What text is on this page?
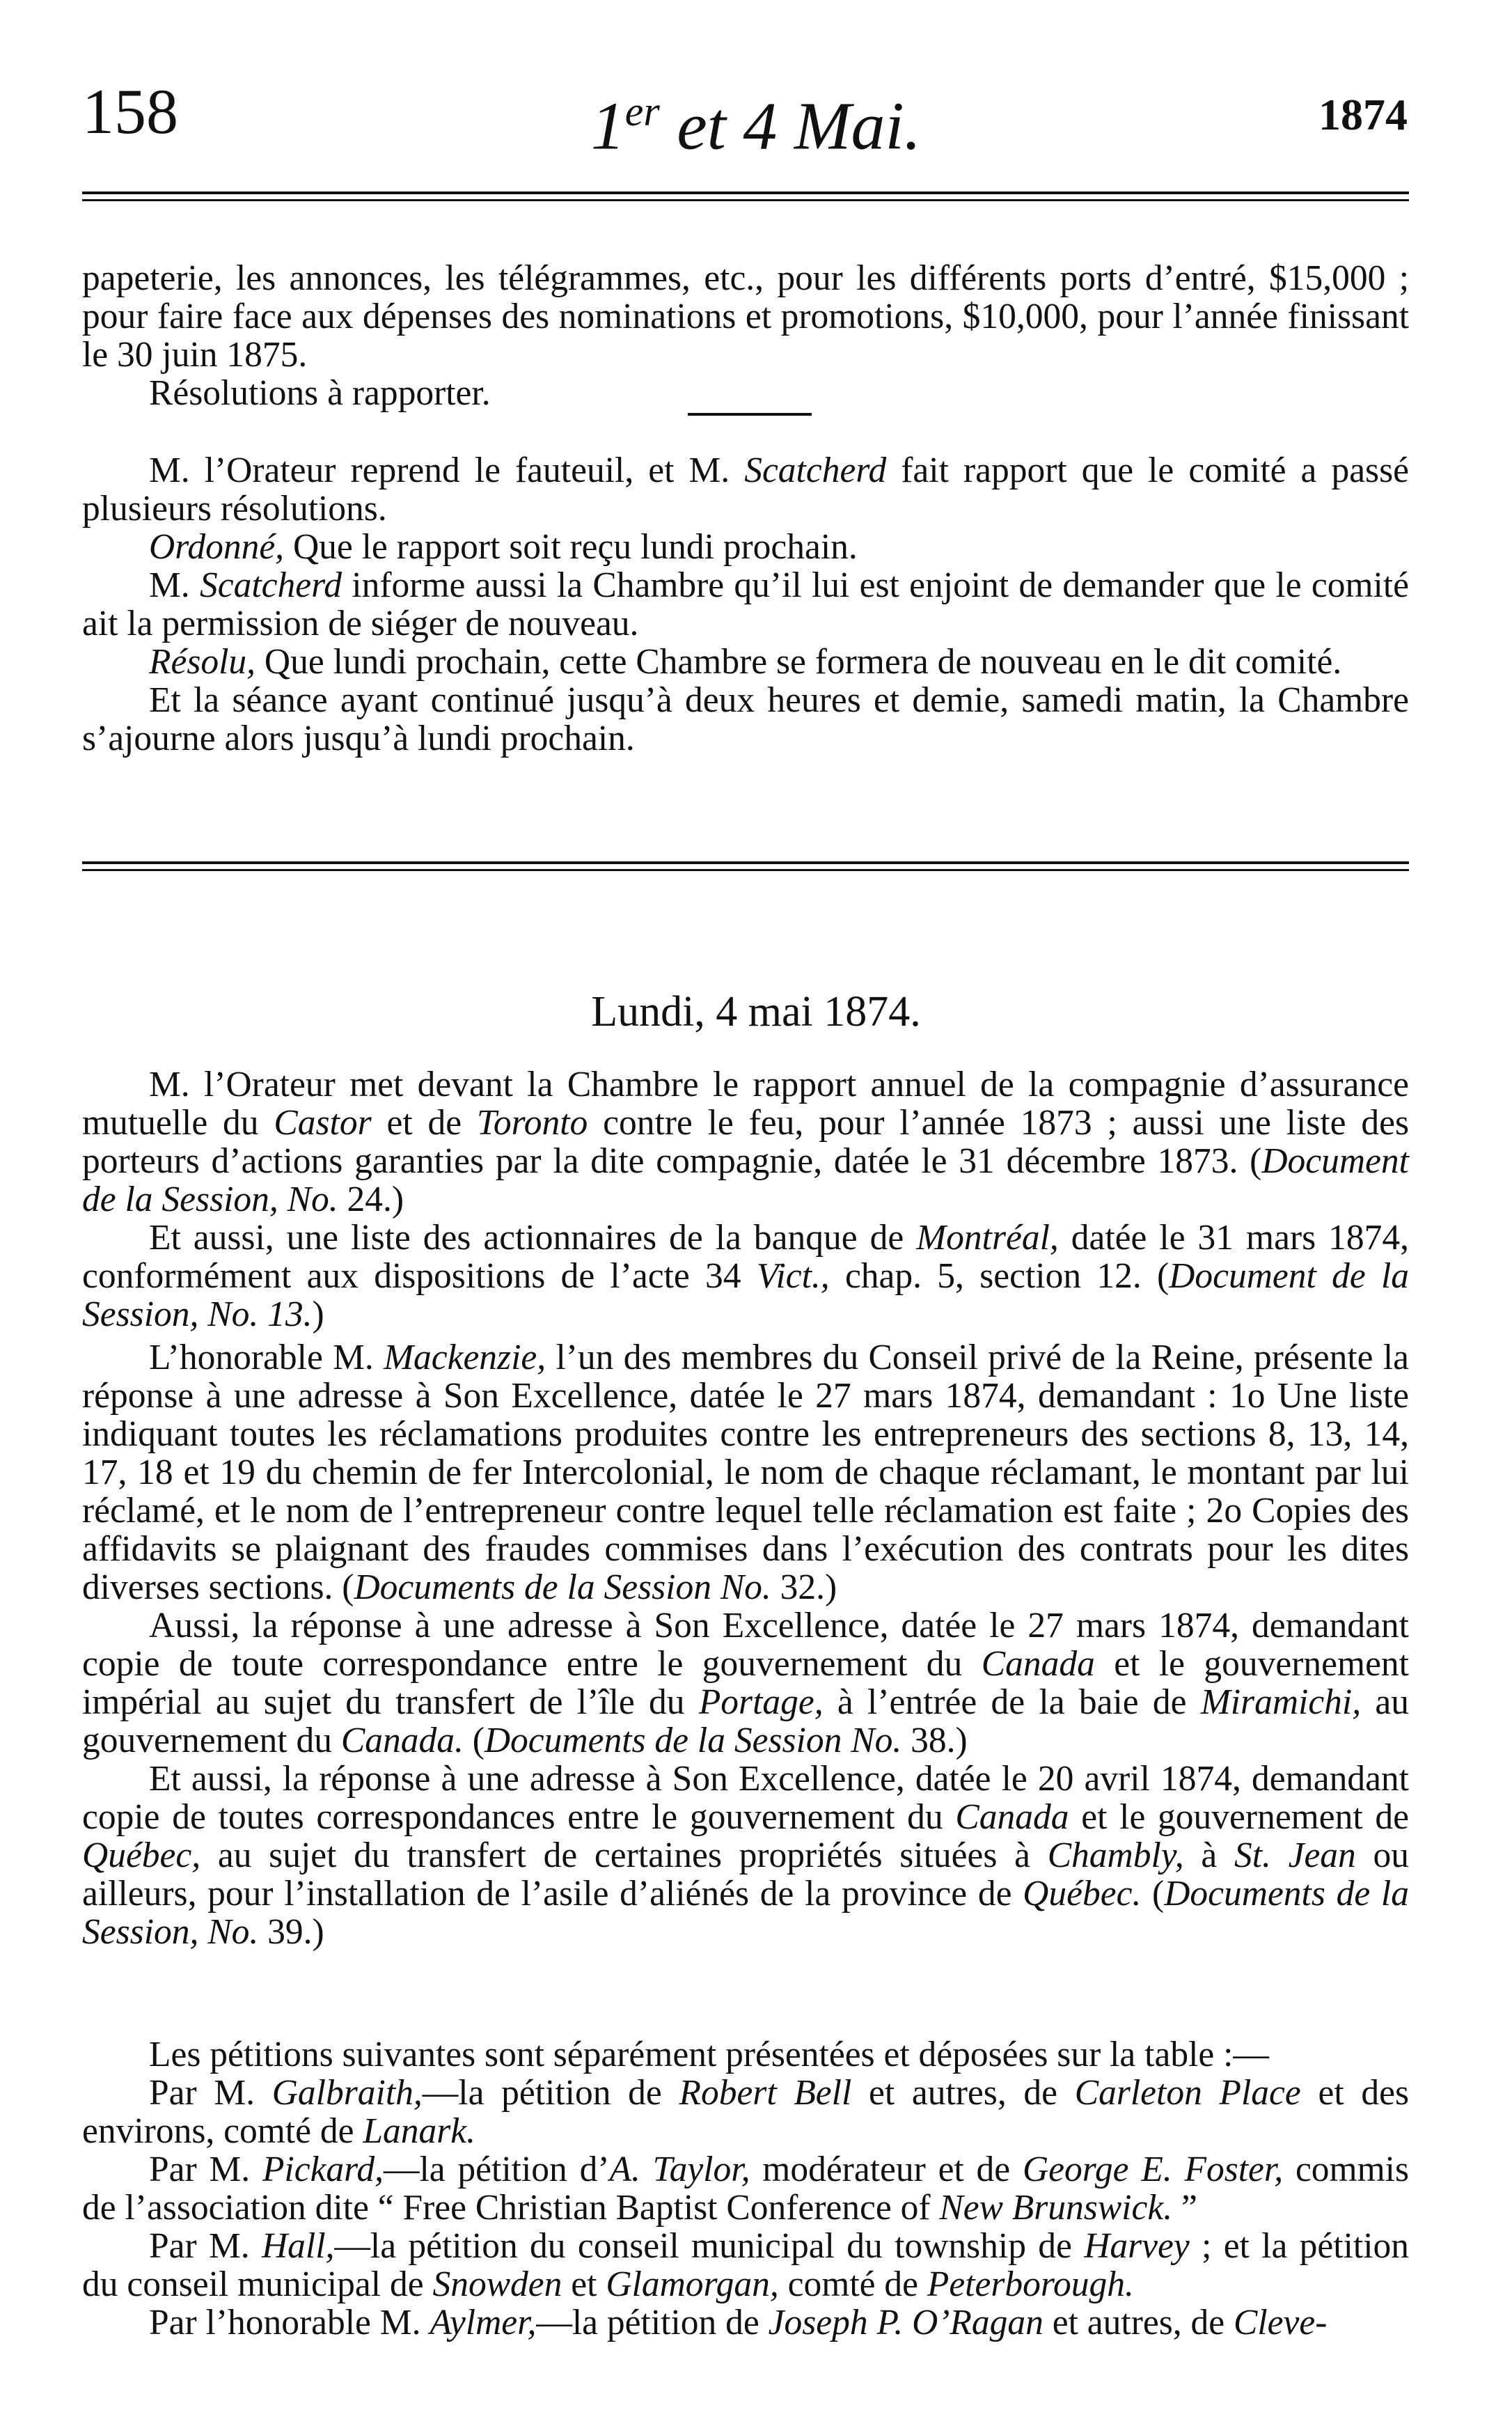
158	1er et 4 Mai.	1874

papeterie, les annonces, les télégrammes, etc., pour les différents ports d’entré, $15,000 ; pour faire face aux dépenses des nominations et promotions, $10,000, pour l’année finissant le 30 juin 1875.

Résolutions à rapporter.

M. l’Orateur reprend le fauteuil, et M. Scatcherd fait rapport que le comité a passé plusieurs résolutions.

Ordonné, Que le rapport soit reçu lundi prochain.

M. Scatcherd informe aussi la Chambre qu’il lui est enjoint de demander que le comité ait la permission de siéger de nouveau.

Résolu, Que lundi prochain, cette Chambre se formera de nouveau en le dit comité.

Et la séance ayant continué jusqu’à deux heures et demie, samedi matin, la Chambre s’ajourne alors jusqu’à lundi prochain.

Lundi, 4 mai 1874.

M. l’Orateur met devant la Chambre le rapport annuel de la compagnie d’assurance mutuelle du Castor et de Toronto contre le feu, pour l’année 1873 ; aussi une liste des porteurs d’actions garanties par la dite compagnie, datée le 31 décembre 1873. (Document de la Session, No. 24.)

Et aussi, une liste des actionnaires de la banque de Montréal, datée le 31 mars 1874, conformément aux dispositions de l’acte 34 Vict., chap. 5, section 12. (Document de la Session, No. 13.)

L’honorable M. Mackenzie, l’un des membres du Conseil privé de la Reine, présente la réponse à une adresse à Son Excellence, datée le 27 mars 1874, demandant : 1o Une liste indiquant toutes les réclamations produites contre les entrepreneurs des sections 8, 13, 14, 17, 18 et 19 du chemin de fer Intercolonial, le nom de chaque réclamant, le montant par lui réclamé, et le nom de l’entrepreneur contre lequel telle réclamation est faite ; 2o Copies des affidavits se plaignant des fraudes commises dans l’exécution des contrats pour les dites diverses sections. (Documents de la Session No. 32.)

Aussi, la réponse à une adresse à Son Excellence, datée le 27 mars 1874, demandant copie de toute correspondance entre le gouvernement du Canada et le gouvernement impérial au sujet du transfert de l’île du Portage, à l’entrée de la baie de Miramichi, au gouvernement du Canada. (Documents de la Session No. 38.)

Et aussi, la réponse à une adresse à Son Excellence, datée le 20 avril 1874, demandant copie de toutes correspondances entre le gouvernement du Canada et le gouvernement de Québec, au sujet du transfert de certaines propriétés situées à Chambly, à St. Jean ou ailleurs, pour l’installation de l’asile d’aliénés de la province de Québec. (Documents de la Session, No. 39.)

Les pétitions suivantes sont séparément présentées et déposées sur la table :—

Par M. Galbraith,—la pétition de Robert Bell et autres, de Carleton Place et des environs, comté de Lanark.

Par M. Pickard,—la pétition d’A. Taylor, modérateur et de George E. Foster, commis de l’association dite “ Free Christian Baptist Conference of New Brunswick. ”

Par M. Hall,—la pétition du conseil municipal du township de Harvey ; et la pétition du conseil municipal de Snowden et Glamorgan, comté de Peterborough.

Par l’honorable M. Aylmer,—la pétition de Joseph P. O’Ragan et autres, de Cleve-
